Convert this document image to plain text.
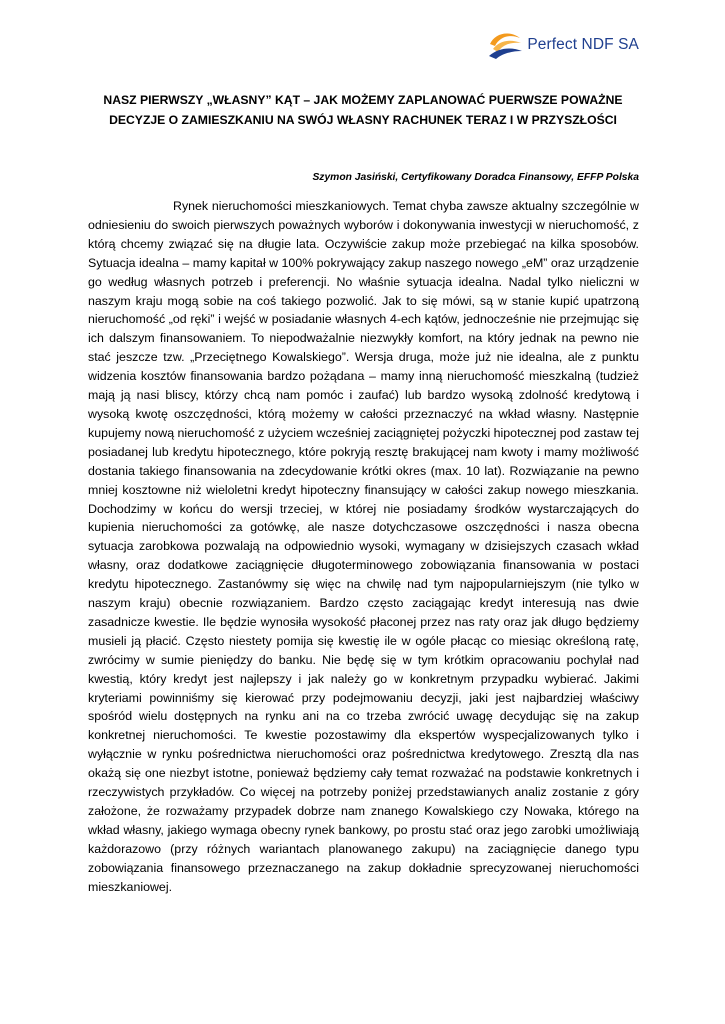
Perfect NDF SA
NASZ PIERWSZY „WŁASNY” KĄT – JAK MOŻEMY ZAPLANOWAĆ PUERWSZE POWAŻNE
DECYZJE O ZAMIESZKANIU NA SWÓJ WŁASNY RACHUNEK TERAZ I W PRZYSZŁOŚCI

Szymon Jasiński, Certyfikowany Doradca Finansowy, EFFP Polska

Rynek nieruchomości mieszkaniowych. Temat chyba zawsze aktualny szczególnie w odniesieniu do swoich pierwszych poważnych wyborów i dokonywania inwestycji w nieruchomość, z którą chcemy związać się na długie lata. Oczywiście zakup może przebiegać na kilka sposobów. Sytuacja idealna – mamy kapitał w 100% pokrywający zakup naszego nowego „eM” oraz urządzenie go według własnych potrzeb i preferencji. No właśnie sytuacja idealna. Nadal tylko nieliczni w naszym kraju mogą sobie na coś takiego pozwolić. Jak to się mówi, są w stanie kupić upatrzoną nieruchomość „od ręki” i wejść w posiadanie własnych 4-ech kątów, jednocześnie nie przejmując się ich dalszym finansowaniem. To niepodważalnie niezwykły komfort, na który jednak na pewno nie stać jeszcze tzw. „Przeciętnego Kowalskiego”. Wersja druga, może już nie idealna, ale z punktu widzenia kosztów finansowania bardzo pożądana – mamy inną nieruchomość mieszkalną (tudzież mają ją nasi bliscy, którzy chcą nam pomóc i zaufać) lub bardzo wysoką zdolność kredytową i wysoką kwotę oszczędności, którą możemy w całości przeznaczyć na wkład własny. Następnie kupujemy nową nieruchomość z użyciem wcześniej zaciągniętej pożyczki hipotecznej pod zastaw tej posiadanej lub kredytu hipotecznego, które pokryją resztę brakującej nam kwoty i mamy możliwość dostania takiego finansowania na zdecydowanie krótki okres (max. 10 lat). Rozwiązanie na pewno mniej kosztowne niż wieloletni kredyt hipoteczny finansujący w całości zakup nowego mieszkania. Dochodzimy w końcu do wersji trzeciej, w której nie posiadamy środków wystarczających do kupienia nieruchomości za gotówkę, ale nasze dotychczasowe oszczędności i nasza obecna sytuacja zarobkowa pozwalają na odpowiednio wysoki, wymagany w dzisiejszych czasach wkład własny, oraz dodatkowe zaciągnięcie długoterminowego zobowiązania finansowania w postaci kredytu hipotecznego. Zastanówmy się więc na chwilę nad tym najpopularniejszym (nie tylko w naszym kraju) obecnie rozwiązaniem. Bardzo często zaciągając kredyt interesują nas dwie zasadnicze kwestie. Ile będzie wynosiła wysokość płaconej przez nas raty oraz jak długo będziemy musieli ją płacić. Często niestety pomija się kwestię ile w ogóle płacąc co miesiąc określoną ratę, zwrócimy w sumie pieniędzy do banku. Nie będę się w tym krótkim opracowaniu pochylał nad kwestią, który kredyt jest najlepszy i jak należy go w konkretnym przypadku wybierać. Jakimi kryteriami powinniśmy się kierować przy podejmowaniu decyzji, jaki jest najbardziej właściwy spośród wielu dostępnych na rynku ani na co trzeba zwrócić uwagę decydując się na zakup konkretnej nieruchomości. Te kwestie pozostawimy dla ekspertów wyspecjalizowanych tylko i wyłącznie w rynku pośrednictwa nieruchomości oraz pośrednictwa kredytowego. Zresztą dla nas okażą się one niezbyt istotne, ponieważ będziemy cały temat rozważać na podstawie konkretnych i rzeczywistych przykładów. Co więcej na potrzeby poniżej przedstawianych analiz zostanie z góry założone, że rozważamy przypadek dobrze nam znanego Kowalskiego czy Nowaka, którego na wkład własny, jakiego wymaga obecny rynek bankowy, po prostu stać oraz jego zarobki umożliwiają każdorazowo (przy różnych wariantach planowanego zakupu) na zaciągnięcie danego typu zobowiązania finansowego przeznaczanego na zakup dokładnie sprecyzowanej nieruchomości mieszkaniowej.
